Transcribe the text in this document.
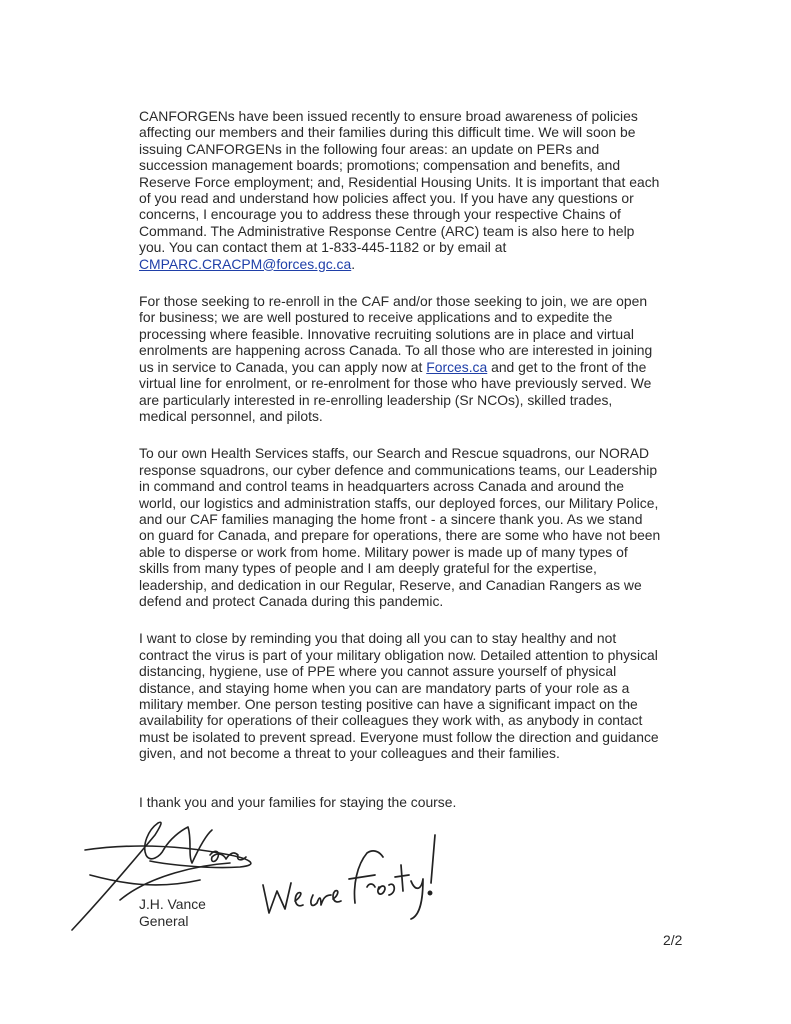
CANFORGENs have been issued recently to ensure broad awareness of policies
affecting our members and their families during this difficult time. We will soon be
issuing CANFORGENs in the following four areas: an update on PERs and
succession management boards; promotions; compensation and benefits, and
Reserve Force employment; and, Residential Housing Units. It is important that each
of you read and understand how policies affect you. If you have any questions or
concerns, I encourage you to address these through your respective Chains of
Command. The Administrative Response Centre (ARC) team is also here to help
you. You can contact them at 1-833-445-1182 or by email at
CMPARC.CRACPM@forces.gc.ca.

For those seeking to re-enroll in the CAF and/or those seeking to join, we are open
for business; we are well postured to receive applications and to expedite the
processing where feasible. Innovative recruiting solutions are in place and virtual
enrolments are happening across Canada. To all those who are interested in joining
us in service to Canada, you can apply now at Forces.ca and get to the front of the
virtual line for enrolment, or re-enrolment for those who have previously served. We
are particularly interested in re-enrolling leadership (Sr NCOs), skilled trades,
medical personnel, and pilots.

To our own Health Services staffs, our Search and Rescue squadrons, our NORAD
response squadrons, our cyber defence and communications teams, our Leadership
in command and control teams in headquarters across Canada and around the
world, our logistics and administration staffs, our deployed forces, our Military Police,
and our CAF families managing the home front - a sincere thank you. As we stand
on guard for Canada, and prepare for operations, there are some who have not been
able to disperse or work from home. Military power is made up of many types of
skills from many types of people and I am deeply grateful for the expertise,
leadership, and dedication in our Regular, Reserve, and Canadian Rangers as we
defend and protect Canada during this pandemic.

I want to close by reminding you that doing all you can to stay healthy and not
contract the virus is part of your military obligation now. Detailed attention to physical
distancing, hygiene, use of PPE where you cannot assure yourself of physical
distance, and staying home when you can are mandatory parts of your role as a
military member. One person testing positive can have a significant impact on the
availability for operations of their colleagues they work with, as anybody in contact
must be isolated to prevent spread. Everyone must follow the direction and guidance
given, and not become a threat to your colleagues and their families.

I thank you and your families for staying the course.
J.H. Vance
General
2/2
